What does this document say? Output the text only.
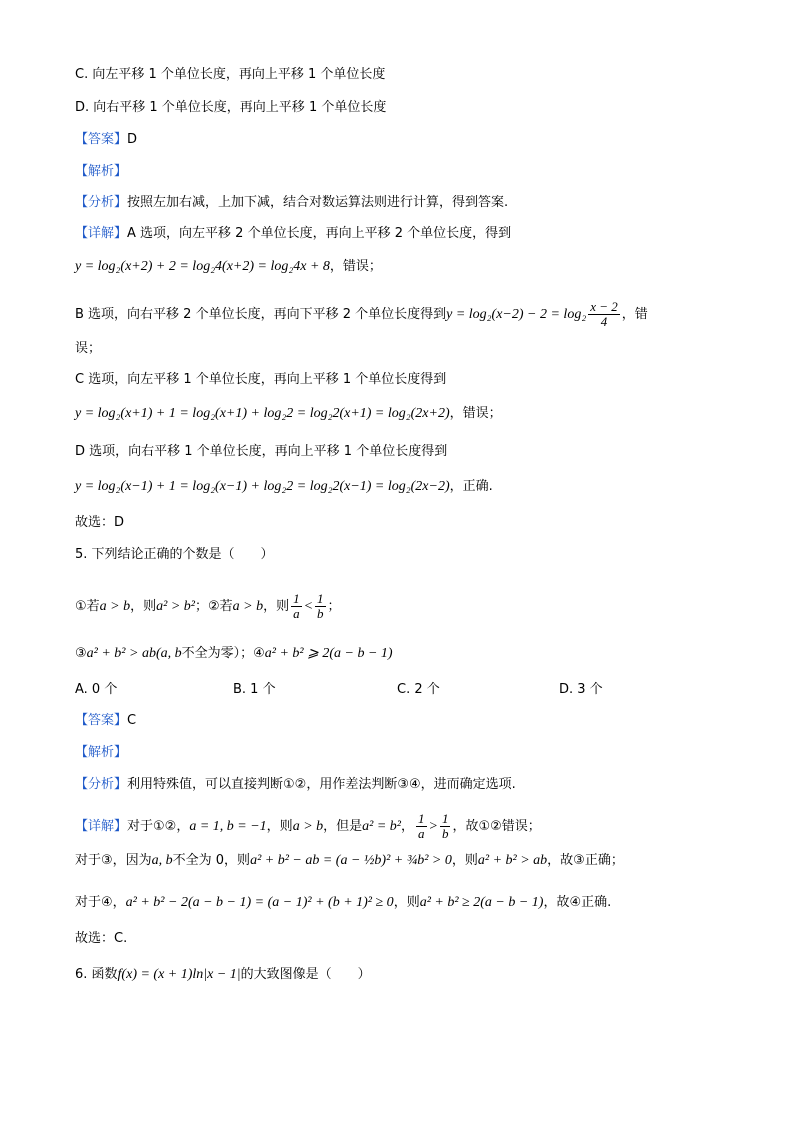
C. 向左平移 1 个单位长度，再向上平移 1 个单位长度
D. 向右平移 1 个单位长度，再向上平移 1 个单位长度
【答案】D
【解析】
【分析】按照左加右减，上加下减，结合对数运算法则进行计算，得到答案.
【详解】A 选项，向左平移 2 个单位长度，再向上平移 2 个单位长度，得到
y = log₂(x+2) + 2 = log₂4(x+2) = log₂4x + 8，错误；
B 选项，向右平移 2 个单位长度，再向下平移 2 个单位长度得到$y = \log_2(x-2) - 2 = \log_2 \frac{x - 2}{4}$ ，错
误；
C 选项，向左平移 1 个单位长度，再向上平移 1 个单位长度得到
y = log₂(x+1) + 1 = log₂(x+1) + log₂2 = log₂2(x+1) = log₂(2x+2)，错误；
D 选项，向右平移 1 个单位长度，再向上平移 1 个单位长度得到
y = log₂(x−1) + 1 = log₂(x−1) + log₂2 = log₂2(x−1) = log₂(2x−2)，正确.
故选：D
5. 下列结论正确的个数是（　　）
①若a > b，则a² > b²；②若a > b，则 $\frac{1}{a} < \frac{1}{b}$ ；
③a² + b² > ab(a, b不全为零）；④a² + b² ⩾ 2(a − b − 1)
A. 0 个	B. 1 个	C. 2 个	D. 3 个
【答案】C
【解析】
【分析】利用特殊值，可以直接判断①②，用作差法判断③④，进而确定选项.
【详解】对于①②，a = 1, b = −1，则a > b，但是a² = b²， $\frac{1}{a} > \frac{1}{b}$ ，故①②错误；
对于③，因为a, b不全为 0，则a² + b² − ab = (a − ½b)² + ¾b² > 0，则a² + b² > ab，故③正确；
对于④，a² + b² − 2(a − b − 1) = (a − 1)² + (b + 1)² ≥ 0，则a² + b² ≥ 2(a − b − 1)，故④正确.
故选：C.
6. 函数f(x) = (x + 1)ln|x − 1|的大致图像是（　　）
